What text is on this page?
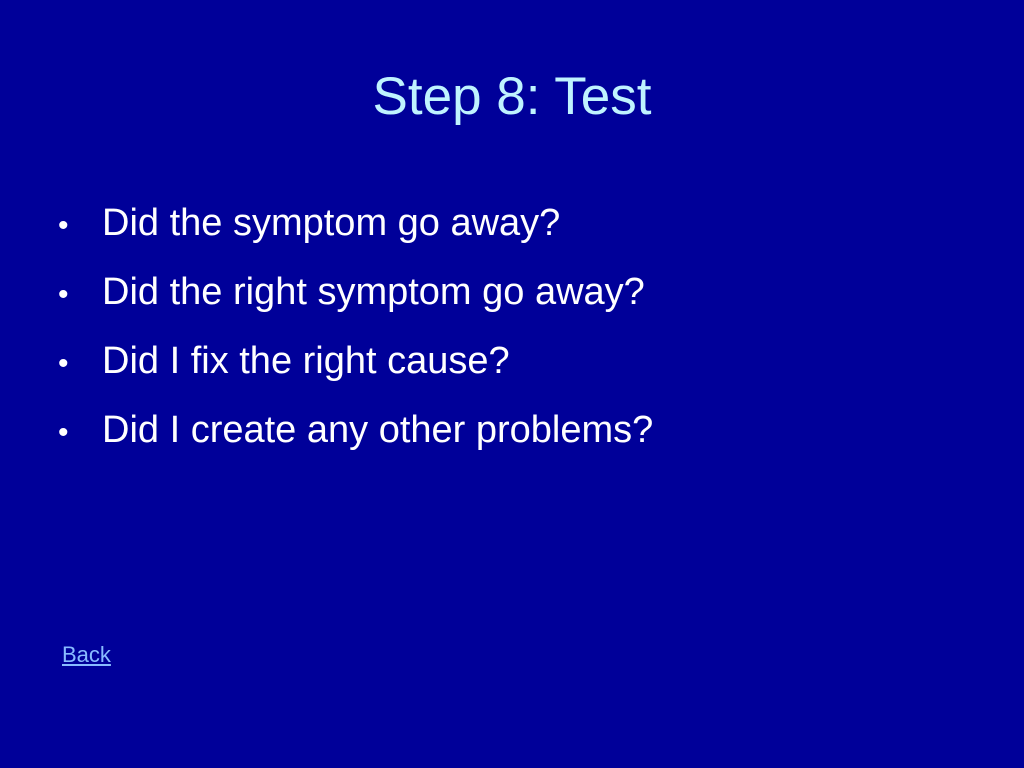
Step 8: Test
• Did the symptom go away?
• Did the right symptom go away?
• Did I fix the right cause?
• Did I create any other problems?
Back
